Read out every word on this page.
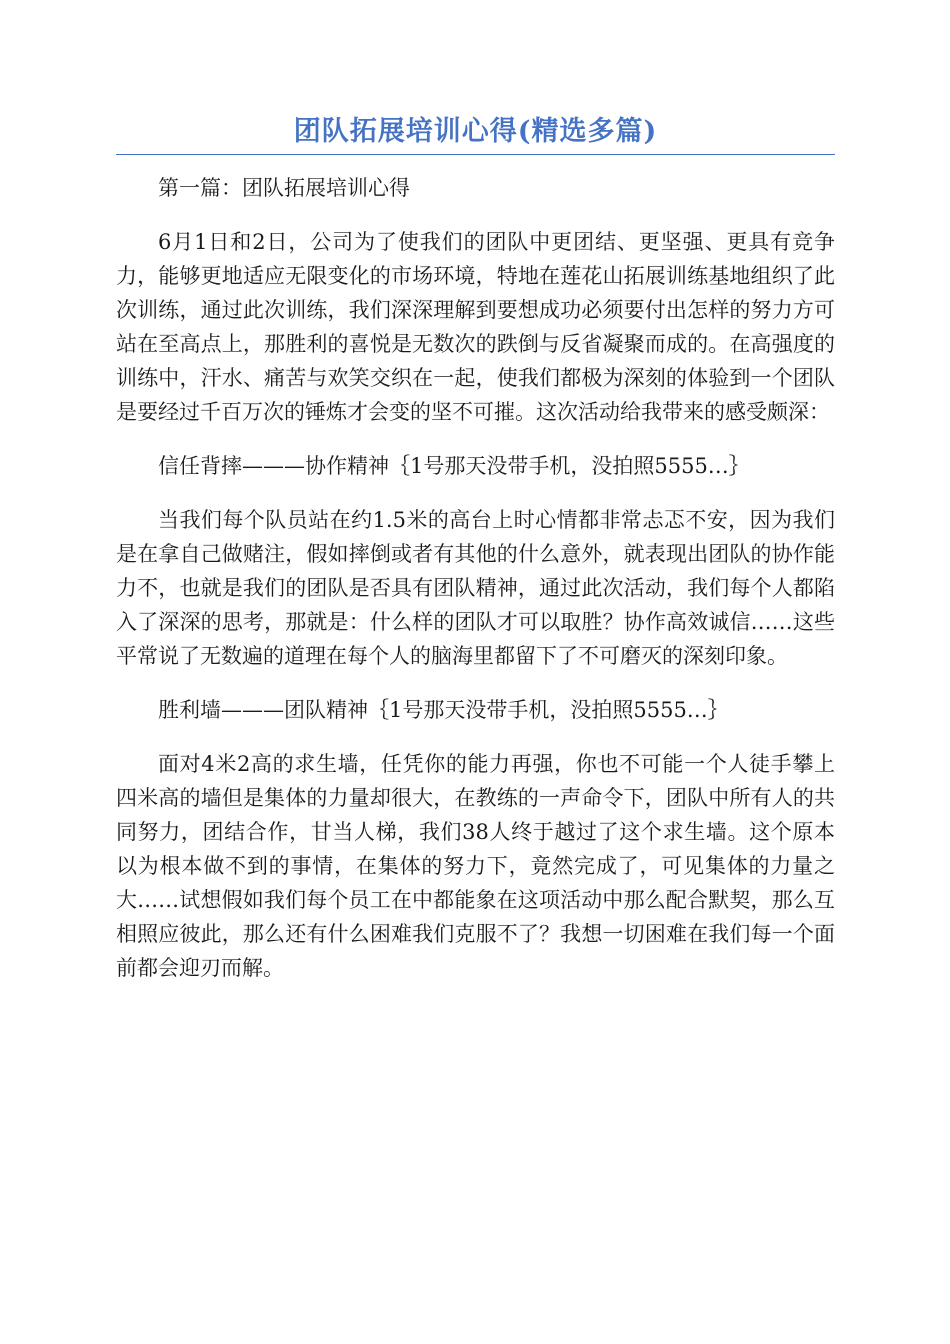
团队拓展培训心得(精选多篇)

第一篇：团队拓展培训心得

6月1日和2日，公司为了使我们的团队中更团结、更坚强、更具有竞争力，能够更地适应无限变化的市场环境，特地在莲花山拓展训练基地组织了此次训练，通过此次训练，我们深深理解到要想成功必须要付出怎样的努力方可站在至高点上，那胜利的喜悦是无数次的跌倒与反省凝聚而成的。在高强度的训练中，汗水、痛苦与欢笑交织在一起，使我们都极为深刻的体验到一个团队是要经过千百万次的锤炼才会变的坚不可摧。这次活动给我带来的感受颇深：

信任背摔———协作精神｛1号那天没带手机，没拍照5555…｝

当我们每个队员站在约1.5米的高台上时心情都非常忐忑不安，因为我们是在拿自己做赌注，假如摔倒或者有其他的什么意外，就表现出团队的协作能力不，也就是我们的团队是否具有团队精神，通过此次活动，我们每个人都陷入了深深的思考，那就是：什么样的团队才可以取胜？协作高效诚信……这些平常说了无数遍的道理在每个人的脑海里都留下了不可磨灭的深刻印象。

胜利墙———团队精神｛1号那天没带手机，没拍照5555…｝

面对4米2高的求生墙，任凭你的能力再强，你也不可能一个人徒手攀上四米高的墙但是集体的力量却很大，在教练的一声命令下，团队中所有人的共同努力，团结合作，甘当人梯，我们38人终于越过了这个求生墙。这个原本以为根本做不到的事情，在集体的努力下，竟然完成了，可见集体的力量之大……试想假如我们每个员工在中都能象在这项活动中那么配合默契，那么互相照应彼此，那么还有什么困难我们克服不了？我想一切困难在我们每一个面前都会迎刃而解。
